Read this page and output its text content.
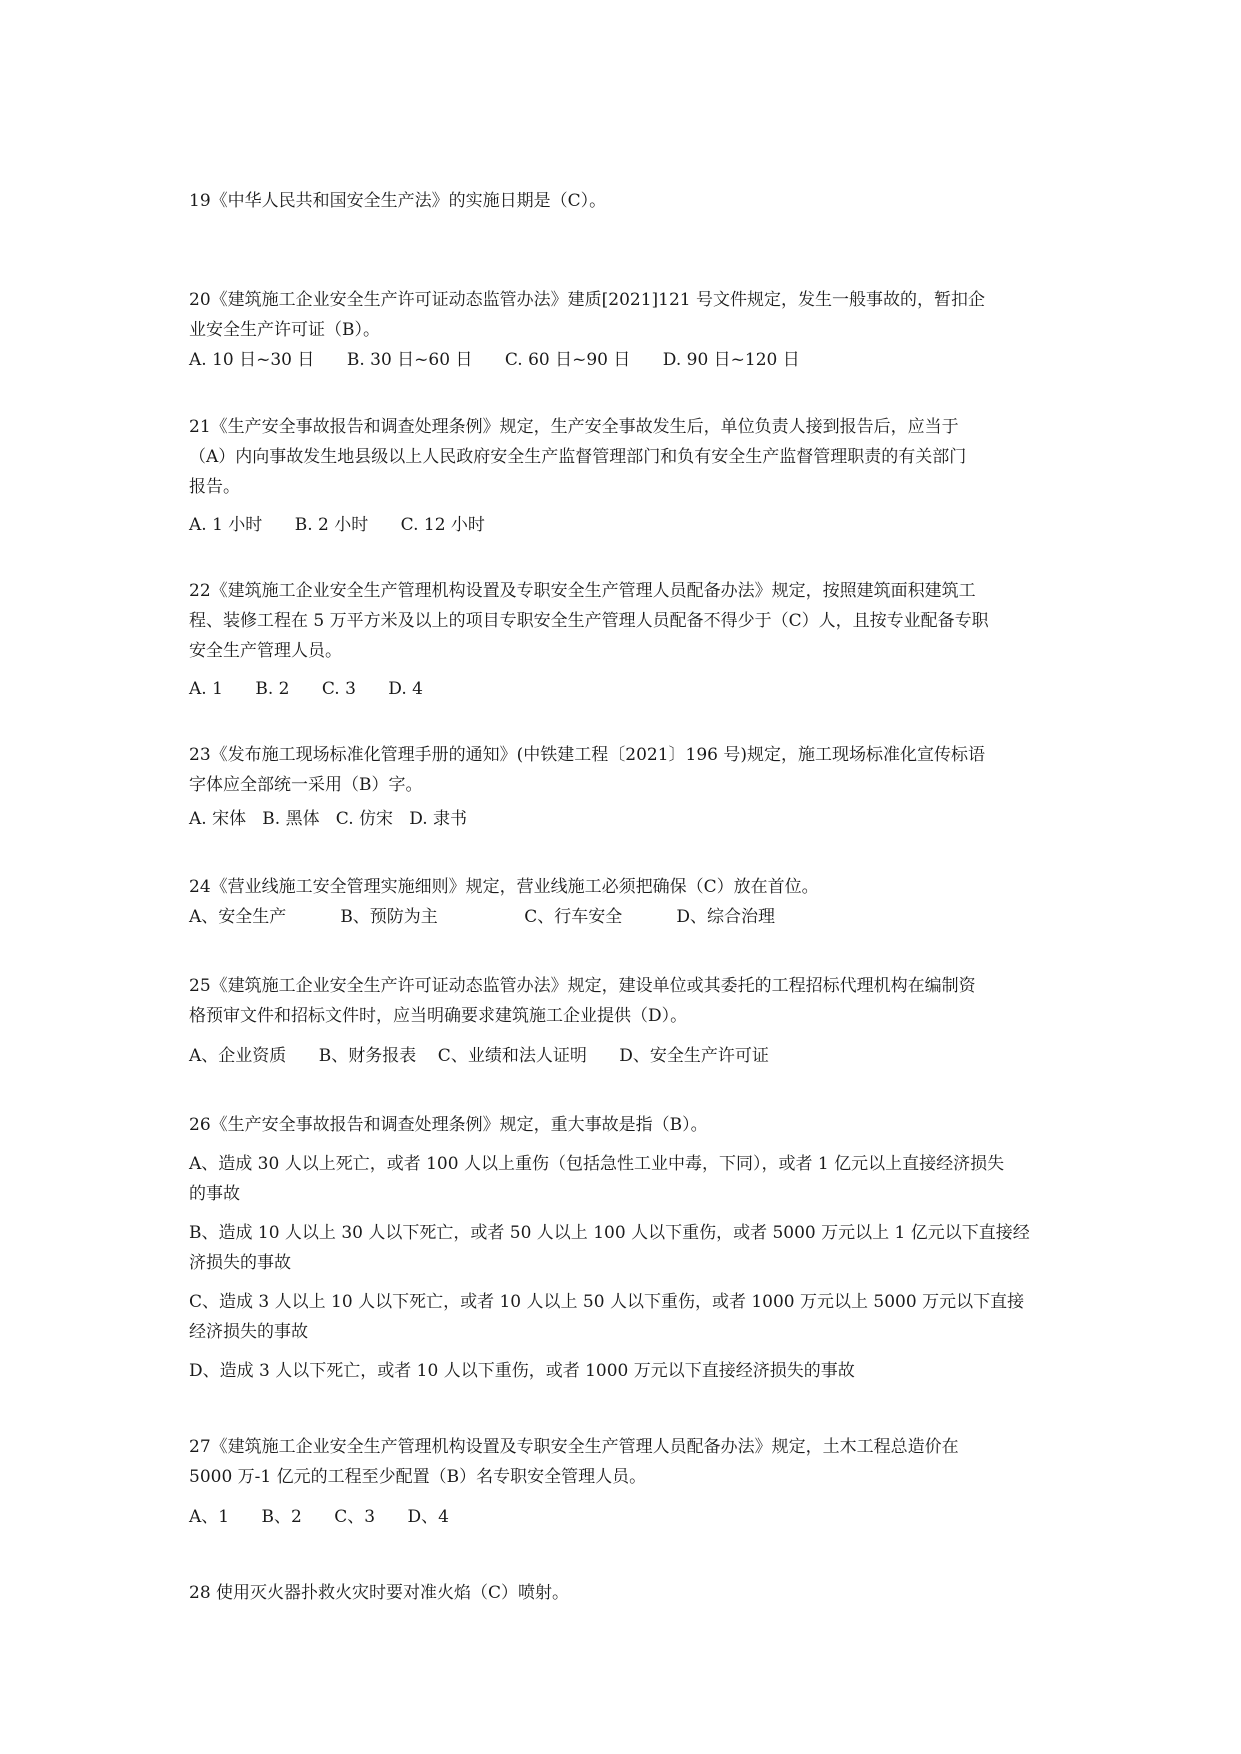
19《中华人民共和国安全生产法》的实施日期是（C）。
20《建筑施工企业安全生产许可证动态监管办法》建质[2021]121 号文件规定，发生一般事故的，暂扣企
业安全生产许可证（B）。
A. 10 日~30 日      B. 30 日~60 日      C. 60 日~90 日      D. 90 日~120 日
21《生产安全事故报告和调查处理条例》规定，生产安全事故发生后，单位负责人接到报告后，应当于
（A）内向事故发生地县级以上人民政府安全生产监督管理部门和负有安全生产监督管理职责的有关部门
报告。
A. 1 小时      B. 2 小时      C. 12 小时
22《建筑施工企业安全生产管理机构设置及专职安全生产管理人员配备办法》规定，按照建筑面积建筑工
程、装修工程在 5 万平方米及以上的项目专职安全生产管理人员配备不得少于（C）人，且按专业配备专职
安全生产管理人员。
A. 1      B. 2      C. 3      D. 4
23《发布施工现场标准化管理手册的通知》(中铁建工程〔2021〕196 号)规定，施工现场标准化宣传标语
字体应全部统一采用（B）字。
A. 宋体   B. 黑体   C. 仿宋   D. 隶书
24《营业线施工安全管理实施细则》规定，营业线施工必须把确保（C）放在首位。
A、安全生产          B、预防为主                C、行车安全          D、综合治理
25《建筑施工企业安全生产许可证动态监管办法》规定，建设单位或其委托的工程招标代理机构在编制资
格预审文件和招标文件时，应当明确要求建筑施工企业提供（D）。
A、企业资质      B、财务报表    C、业绩和法人证明      D、安全生产许可证
26《生产安全事故报告和调查处理条例》规定，重大事故是指（B）。
A、造成 30 人以上死亡，或者 100 人以上重伤（包括急性工业中毒，下同），或者 1 亿元以上直接经济损失
的事故
B、造成 10 人以上 30 人以下死亡，或者 50 人以上 100 人以下重伤，或者 5000 万元以上 1 亿元以下直接经
济损失的事故
C、造成 3 人以上 10 人以下死亡，或者 10 人以上 50 人以下重伤，或者 1000 万元以上 5000 万元以下直接
经济损失的事故
D、造成 3 人以下死亡，或者 10 人以下重伤，或者 1000 万元以下直接经济损失的事故
27《建筑施工企业安全生产管理机构设置及专职安全生产管理人员配备办法》规定，土木工程总造价在
5000 万-1 亿元的工程至少配置（B）名专职安全管理人员。
A、1      B、2      C、3      D、4
28 使用灭火器扑救火灾时要对准火焰（C）喷射。
